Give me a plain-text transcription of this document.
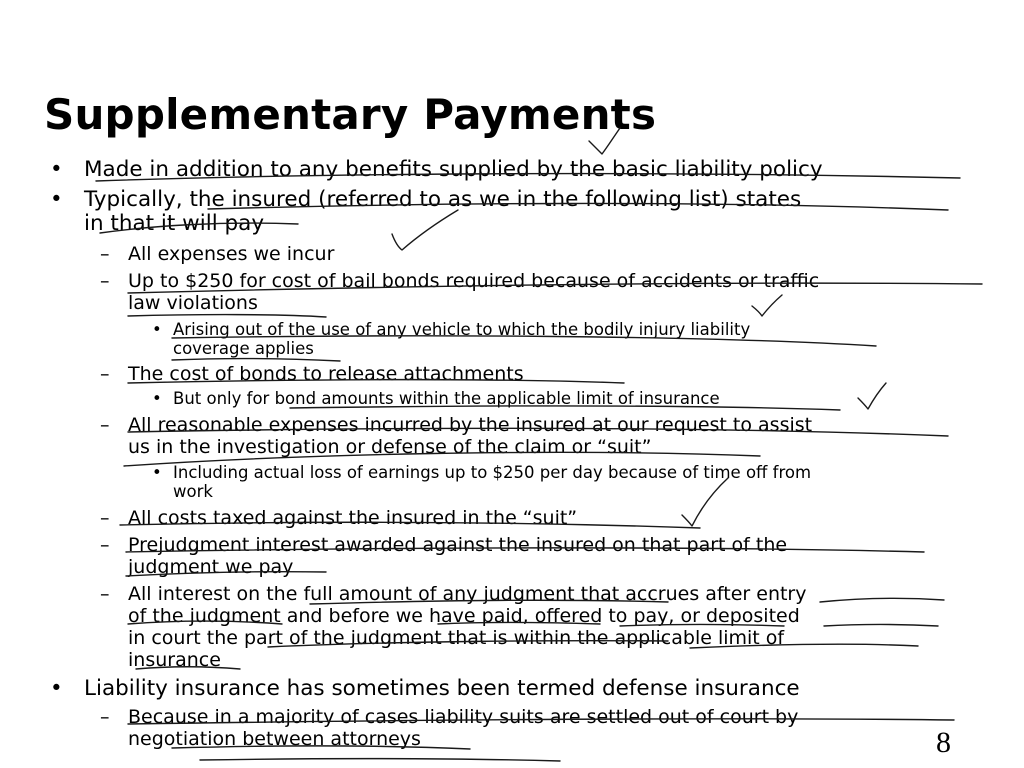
Supplementary Payments
• Made in addition to any benefits supplied by the basic liability policy

• Typically, the insured (referred to as we in the following list) states

in that it will pay

– All expenses we incur

– Up to $250 for cost of bail bonds required because of accidents or traffic

law violations

• Arising out of the use of any vehicle to which the bodily injury liability

coverage applies

– The cost of bonds to release attachments

• But only for bond amounts within the applicable limit of insurance

– All reasonable expenses incurred by the insured at our request to assist

us in the investigation or defense of the claim or “suit”

• Including actual loss of earnings up to $250 per day because of time off from

work

– All costs taxed against the insured in the “suit”

– Prejudgment interest awarded against the insured on that part of the

judgment we pay

– All interest on the full amount of any judgment that accrues after entry

of the judgment and before we have paid, offered to pay, or deposited

in court the part of the judgment that is within the applicable limit of

insurance

• Liability insurance has sometimes been termed defense insurance

– Because in a majority of cases liability suits are settled out of court by

negotiation between attorneys	8
